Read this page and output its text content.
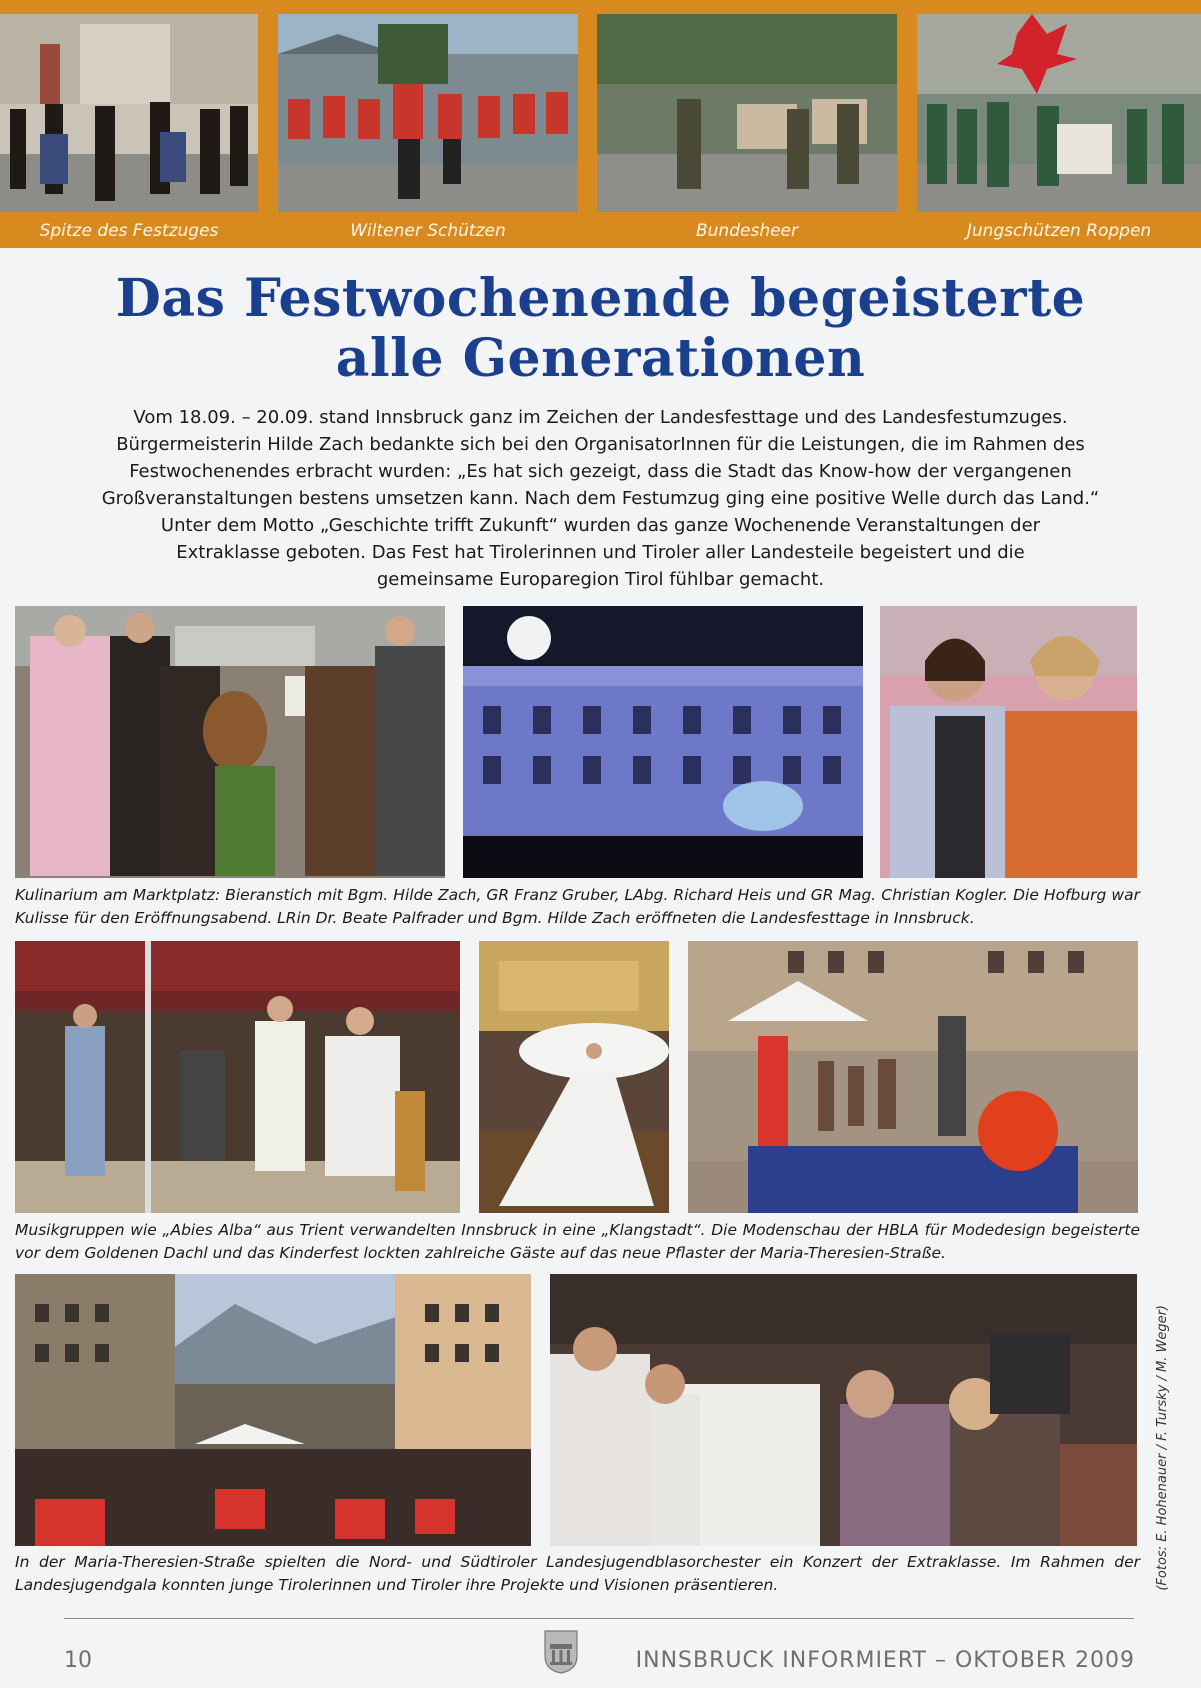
Spitze des Festzuges	Wiltener Schützen	Bundesheer	Jungschützen Roppen
Das Festwochenende begeisterte
alle Generationen
Vom 18.09. – 20.09. stand Innsbruck ganz im Zeichen der Landesfesttage und des Landesfestumzuges.
Bürgermeisterin Hilde Zach bedankte sich bei den OrganisatorInnen für die Leistungen, die im Rahmen des
Festwochenendes erbracht wurden: „Es hat sich gezeigt, dass die Stadt das Know-how der vergangenen
Großveranstaltungen bestens umsetzen kann. Nach dem Festumzug ging eine positive Welle durch das Land.“
Unter dem Motto „Geschichte trifft Zukunft“ wurden das ganze Wochenende Veranstaltungen der
Extraklasse geboten. Das Fest hat Tirolerinnen und Tiroler aller Landesteile begeistert und die
gemeinsame Europaregion Tirol fühlbar gemacht.
Kulinarium am Marktplatz: Bieranstich mit Bgm. Hilde Zach, GR Franz Gruber, LAbg. Richard Heis und GR Mag. Christian Kogler. Die Hofburg war Kulisse für den Eröffnungsabend. LRin Dr. Beate Palfrader und Bgm. Hilde Zach eröffneten die Landesfesttage in Innsbruck.
Musikgruppen wie „Abies Alba“ aus Trient verwandelten Innsbruck in eine „Klangstadt“. Die Modenschau der HBLA für Modedesign begeisterte vor dem Goldenen Dachl und das Kinderfest lockten zahlreiche Gäste auf das neue Pflaster der Maria-Theresien-Straße.
In der Maria-Theresien-Straße spielten die Nord- und Südtiroler Landesjugendblasorchester ein Konzert der Extraklasse. Im Rahmen der Landesjugendgala konnten junge Tirolerinnen und Tiroler ihre Projekte und Visionen präsentieren.	(Fotos: E. Hohenauer / F. Tursky / M. Weger)
10	INNSBRUCK INFORMIERT – OKTOBER 2009
